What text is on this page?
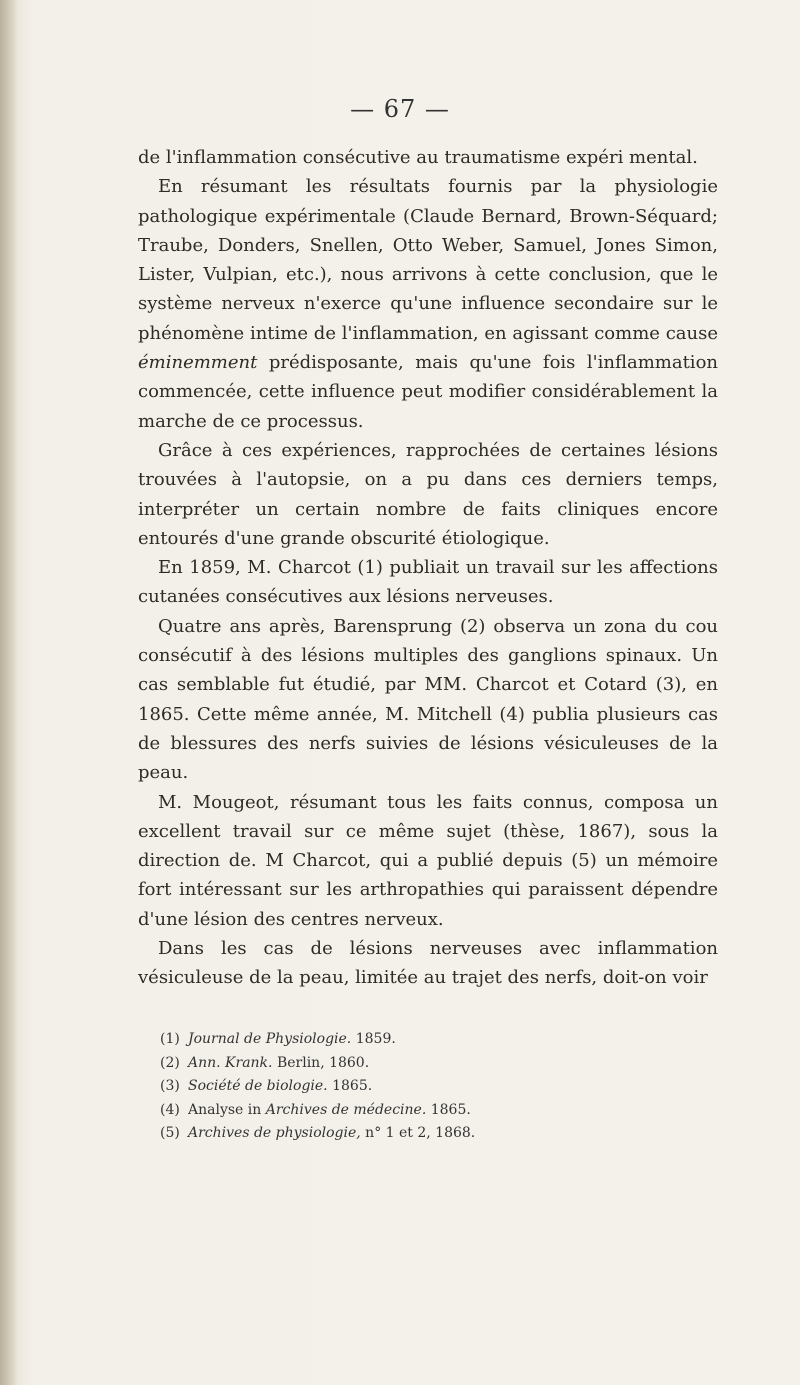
— 67 —

de l'inflammation consécutive au traumatisme expéri mental.

En résumant les résultats fournis par la physiologie pathologique expérimentale (Claude Bernard, Brown-Séquard; Traube, Donders, Snellen, Otto Weber, Samuel, Jones Simon, Lister, Vulpian, etc.), nous arrivons à cette conclusion, que le système nerveux n'exerce qu'une influence secondaire sur le phénomène intime de l'inflammation, en agissant comme cause éminemment prédisposante, mais qu'une fois l'inflammation commencée, cette influence peut modifier considérablement la marche de ce processus.

Grâce à ces expériences, rapprochées de certaines lésions trouvées à l'autopsie, on a pu dans ces derniers temps, interpréter un certain nombre de faits cliniques encore entourés d'une grande obscurité étiologique.

En 1859, M. Charcot (1) publiait un travail sur les affections cutanées consécutives aux lésions nerveuses.

Quatre ans après, Barensprung (2) observa un zona du cou consécutif à des lésions multiples des ganglions spinaux. Un cas semblable fut étudié, par MM. Charcot et Cotard (3), en 1865. Cette même année, M. Mitchell (4) publia plusieurs cas de blessures des nerfs suivies de lésions vésiculeuses de la peau.

M. Mougeot, résumant tous les faits connus, composa un excellent travail sur ce même sujet (thèse, 1867), sous la direction de. M Charcot, qui a publié depuis (5) un mémoire fort intéressant sur les arthropathies qui paraissent dépendre d'une lésion des centres nerveux.

Dans les cas de lésions nerveuses avec inflammation vésiculeuse de la peau, limitée au trajet des nerfs, doit-on voir

(1) Journal de Physiologie. 1859.
(2) Ann. Krank. Berlin, 1860.
(3) Société de biologie. 1865.
(4) Analyse in Archives de médecine. 1865.
(5) Archives de physiologie, n° 1 et 2, 1868.
